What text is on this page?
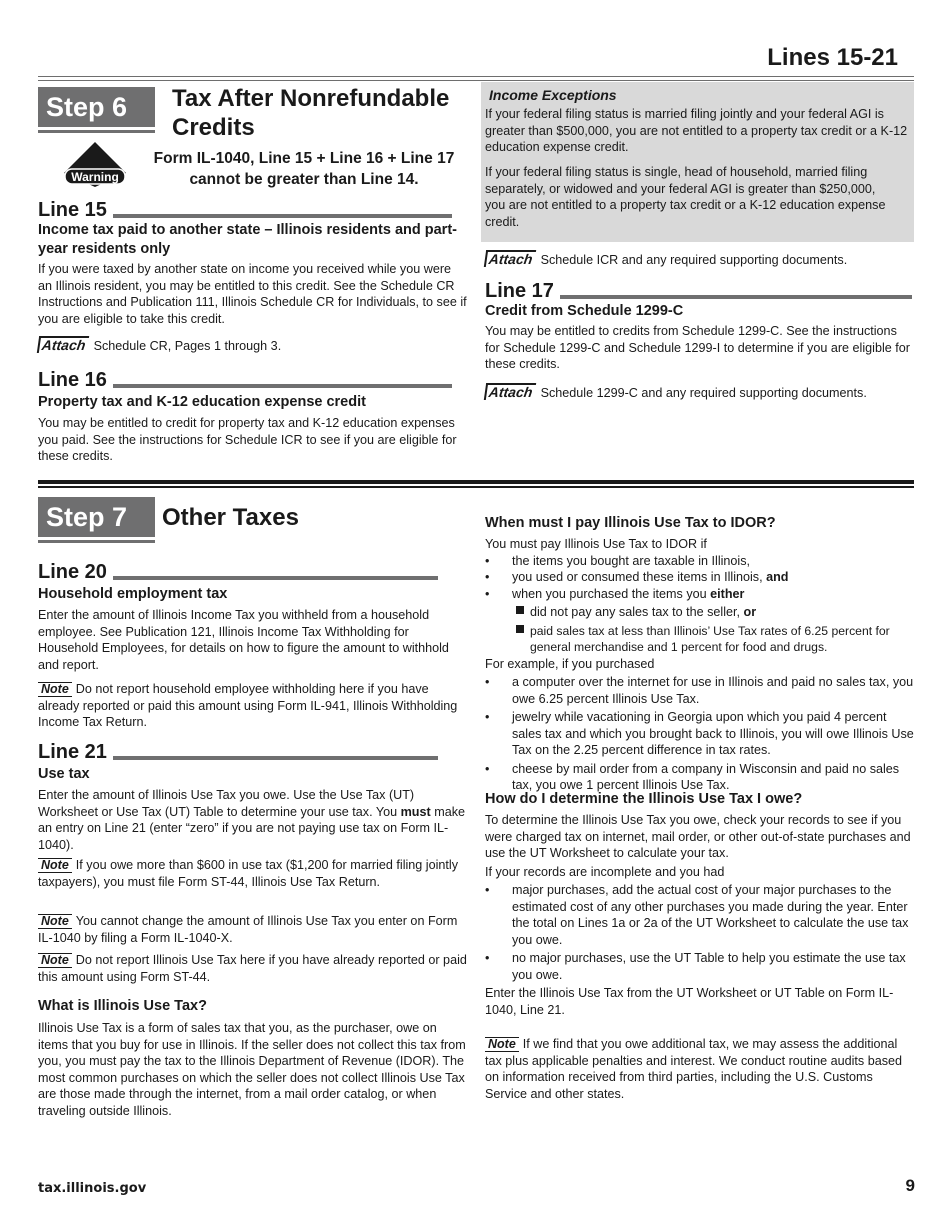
Lines 15-21
Step 6	Tax After Nonrefundable
Credits
Warning
Form IL-1040, Line 15 + Line 16 + Line 17
cannot be greater than Line 14.
Line 15
Income tax paid to another state – Illinois residents and part-year residents only
If you were taxed by another state on income you received while you were an Illinois resident, you may be entitled to this credit. See the Schedule CR Instructions and Publication 111, Illinois Schedule CR for Individuals, to see if you are eligible to take this credit.
Attach Schedule CR, Pages 1 through 3.
Line 16
Property tax and K-12 education expense credit
You may be entitled to credit for property tax and K-12 education expenses you paid. See the instructions for Schedule ICR to see if you are eligible for these credits.
Income Exceptions
If your federal filing status is married filing jointly and your federal AGI is greater than $500,000, you are not entitled to a property tax credit or a K-12 education expense credit.
If your federal filing status is single, head of household, married filing separately, or widowed and your federal AGI is greater than $250,000, you are not entitled to a property tax credit or a K-12 education expense credit.
Attach Schedule ICR and any required supporting documents.
Line 17
Credit from Schedule 1299-C
You may be entitled to credits from Schedule 1299-C. See the instructions for Schedule 1299-C and Schedule 1299-I to determine if you are eligible for these credits.
Attach Schedule 1299-C and any required supporting documents.
Step 7	Other Taxes
Line 20
Household employment tax
Enter the amount of Illinois Income Tax you withheld from a household employee. See Publication 121, Illinois Income Tax Withholding for Household Employees, for details on how to figure the amount to withhold and report.
Note Do not report household employee withholding here if you have already reported or paid this amount using Form IL-941, Illinois Withholding Income Tax Return.
Line 21
Use tax
Enter the amount of Illinois Use Tax you owe. Use the Use Tax (UT) Worksheet or Use Tax (UT) Table to determine your use tax. You must make an entry on Line 21 (enter “zero” if you are not paying use tax on Form IL-1040).
Note If you owe more than $600 in use tax ($1,200 for married filing jointly taxpayers), you must file Form ST-44, Illinois Use Tax Return.
Note You cannot change the amount of Illinois Use Tax you enter on Form IL-1040 by filing a Form IL-1040-X.
Note Do not report Illinois Use Tax here if you have already reported or paid this amount using Form ST-44.
What is Illinois Use Tax?
Illinois Use Tax is a form of sales tax that you, as the purchaser, owe on items that you buy for use in Illinois. If the seller does not collect this tax from you, you must pay the tax to the Illinois Department of Revenue (IDOR). The most common purchases on which the seller does not collect Illinois Use Tax are those made through the internet, from a mail order catalog, or when traveling outside Illinois.
When must I pay Illinois Use Tax to IDOR?
You must pay Illinois Use Tax to IDOR if
• the items you bought are taxable in Illinois,
• you used or consumed these items in Illinois, and
• when you purchased the items you either
did not pay any sales tax to the seller, or
paid sales tax at less than Illinois’ Use Tax rates of 6.25 percent for general merchandise and 1 percent for food and drugs.
For example, if you purchased
• a computer over the internet for use in Illinois and paid no sales tax, you owe 6.25 percent Illinois Use Tax.
• jewelry while vacationing in Georgia upon which you paid 4 percent sales tax and which you brought back to Illinois, you will owe Illinois Use Tax on the 2.25 percent difference in tax rates.
• cheese by mail order from a company in Wisconsin and paid no sales tax, you owe 1 percent Illinois Use Tax.
How do I determine the Illinois Use Tax I owe?
To determine the Illinois Use Tax you owe, check your records to see if you were charged tax on internet, mail order, or other out-of-state purchases and use the UT Worksheet to calculate your tax.
If your records are incomplete and you had
• major purchases, add the actual cost of your major purchases to the estimated cost of any other purchases you made during the year. Enter the total on Lines 1a or 2a of the UT Worksheet to calculate the use tax you owe.
• no major purchases, use the UT Table to help you estimate the use tax you owe.
Enter the Illinois Use Tax from the UT Worksheet or UT Table on Form IL-1040, Line 21.
Note If we find that you owe additional tax, we may assess the additional tax plus applicable penalties and interest. We conduct routine audits based on information received from third parties, including the U.S. Customs Service and other states.
tax.illinois.gov	9
